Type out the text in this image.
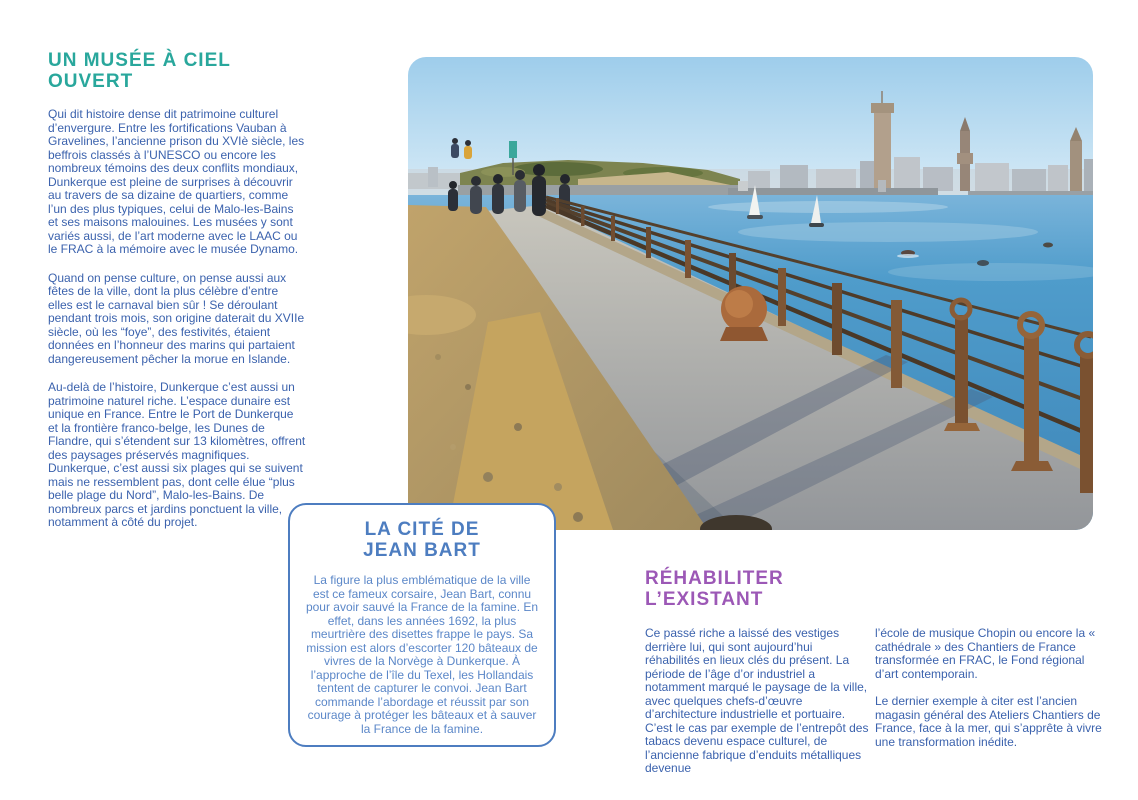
UN MUSÉE À CIEL OUVERT

Qui dit histoire dense dit patrimoine culturel d’envergure. Entre les fortifications Vauban à Gravelines, l’ancienne prison du XVIè siècle, les beffrois classés à l’UNESCO ou encore les nombreux témoins des deux conflits mondiaux, Dunkerque est pleine de surprises à découvrir au travers de sa dizaine de quartiers, comme l’un des plus typiques, celui de Malo-les-Bains et ses maisons malouines. Les musées y sont variés aussi, de l’art moderne avec le LAAC ou le FRAC à la mémoire avec le musée Dynamo.

Quand on pense culture, on pense aussi aux fêtes de la ville, dont la plus célèbre d’entre elles est le carnaval bien sûr ! Se déroulant pendant trois mois, son origine daterait du XVIIe siècle, où les “foye”, des festivités, étaient données en l’honneur des marins qui partaient dangereusement pêcher la morue en Islande.

Au-delà de l’histoire, Dunkerque c’est aussi un patrimoine naturel riche. L’espace dunaire est unique en France. Entre le Port de Dunkerque et la frontière franco-belge, les Dunes de Flandre, qui s’étendent sur 13 kilomètres, offrent des paysages préservés magnifiques. Dunkerque, c’est aussi six plages qui se suivent mais ne ressemblent pas, dont celle élue “plus belle plage du Nord”, Malo-les-Bains. De nombreux parcs et jardins ponctuent la ville, notamment à côté du projet.	LA CITÉ DE JEAN BART

La figure la plus emblématique de la ville est ce fameux corsaire, Jean Bart, connu pour avoir sauvé la France de la famine. En effet, dans les années 1692, la plus meurtrière des disettes frappe le pays. Sa mission est alors d’escorter 120 bâteaux de vivres de la Norvège à Dunkerque. À l’approche de l’île du Texel, les Hollandais tentent de capturer le convoi. Jean Bart commande l’abordage et réussit par son courage à protéger les bâteaux et à sauver la France de la famine.

RÉHABILITER L’EXISTANT

Ce passé riche a laissé des vestiges derrière lui, qui sont aujourd’hui réhabilités en lieux clés du présent. La période de l’âge d’or industriel a notamment marqué le paysage de la ville, avec quelques chefs-d’œuvre d’architecture industrielle et portuaire. C’est le cas par exemple de l’entrepôt des tabacs devenu espace culturel, de l’ancienne fabrique d’enduits métalliques devenue

l’école de musique Chopin ou encore la « cathédrale » des Chantiers de France transformée en FRAC, le Fond régional d’art contemporain.

Le dernier exemple à citer est l’ancien magasin général des Ateliers Chantiers de France, face à la mer, qui s’apprête à vivre une transformation inédite.
